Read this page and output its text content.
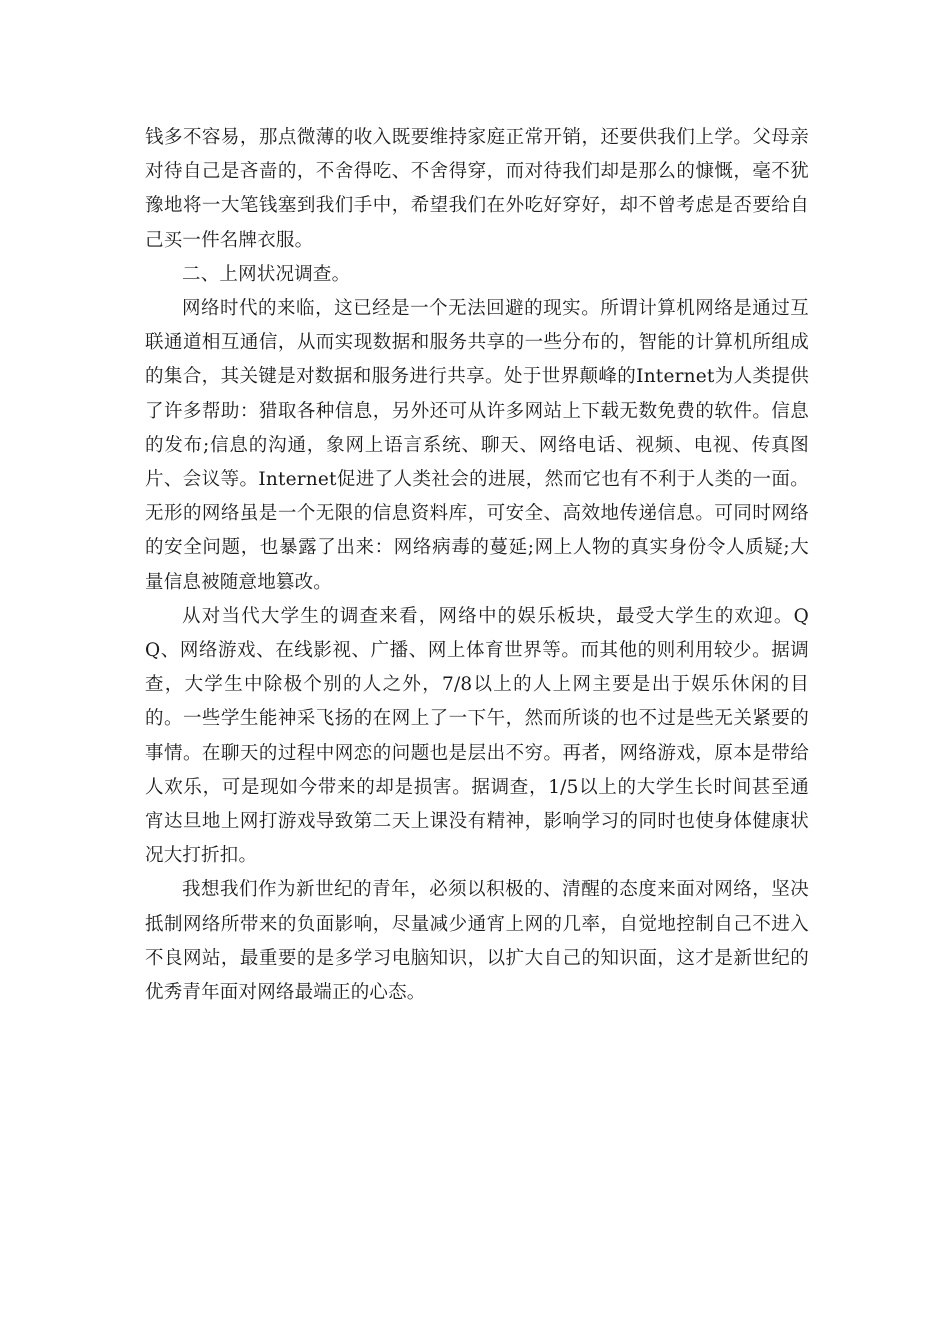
钱多不容易，那点微薄的收入既要维持家庭正常开销，还要供我们上学。父母亲对待自己是吝啬的，不舍得吃、不舍得穿，而对待我们却是那么的慷慨，毫不犹豫地将一大笔钱塞到我们手中，希望我们在外吃好穿好，却不曾考虑是否要给自己买一件名牌衣服。

二、上网状况调查。

网络时代的来临，这已经是一个无法回避的现实。所谓计算机网络是通过互联通道相互通信，从而实现数据和服务共享的一些分布的，智能的计算机所组成的集合，其关键是对数据和服务进行共享。处于世界颠峰的Internet为人类提供了许多帮助：猎取各种信息，另外还可从许多网站上下载无数免费的软件。信息的发布;信息的沟通，象网上语言系统、聊天、网络电话、视频、电视、传真图片、会议等。Internet促进了人类社会的进展，然而它也有不利于人类的一面。无形的网络虽是一个无限的信息资料库，可安全、高效地传递信息。可同时网络的安全问题，也暴露了出来：网络病毒的蔓延;网上人物的真实身份令人质疑;大量信息被随意地篡改。

从对当代大学生的调查来看，网络中的娱乐板块，最受大学生的欢迎。QQ、网络游戏、在线影视、广播、网上体育世界等。而其他的则利用较少。据调查，大学生中除极个别的人之外，7/8以上的人上网主要是出于娱乐休闲的目的。一些学生能神采飞扬的在网上了一下午，然而所谈的也不过是些无关紧要的事情。在聊天的过程中网恋的问题也是层出不穷。再者，网络游戏，原本是带给人欢乐，可是现如今带来的却是损害。据调查，1/5以上的大学生长时间甚至通宵达旦地上网打游戏导致第二天上课没有精神，影响学习的同时也使身体健康状况大打折扣。

我想我们作为新世纪的青年，必须以积极的、清醒的态度来面对网络，坚决抵制网络所带来的负面影响，尽量减少通宵上网的几率，自觉地控制自己不进入不良网站，最重要的是多学习电脑知识，以扩大自己的知识面，这才是新世纪的优秀青年面对网络最端正的心态。
